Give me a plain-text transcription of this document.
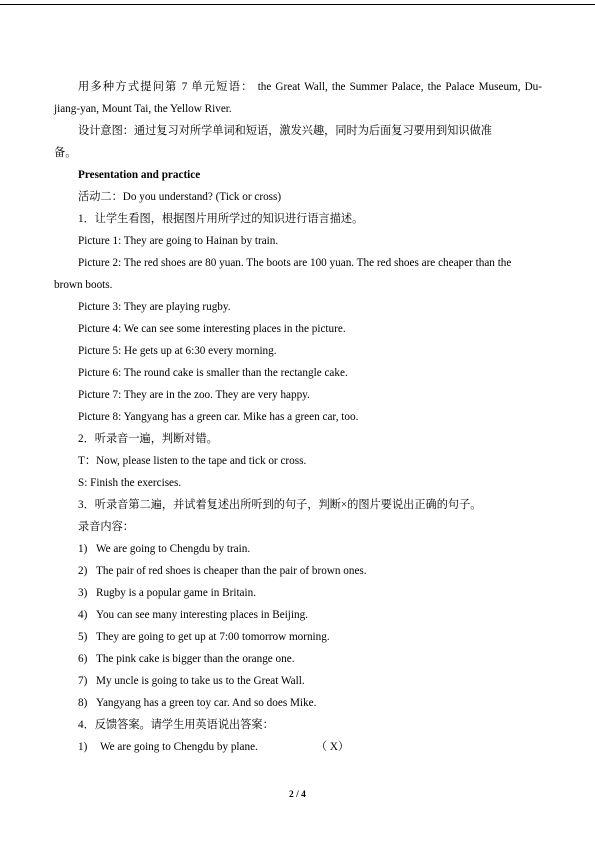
用多种方式提问第 7 单元短语： the Great Wall, the Summer Palace, the Palace Museum, Du-
jiang-yan, Mount Tai, the Yellow River.
设计意图：通过复习对所学单词和短语，激发兴趣，同时为后面复习要用到知识做准
备。
Presentation and practice
活动二：Do you understand? (Tick or cross)
1．让学生看图，根据图片用所学过的知识进行语言描述。
Picture 1: They are going to Hainan by train.
Picture 2: The red shoes are 80 yuan. The boots are 100 yuan. The red shoes are cheaper than the
brown boots.
Picture 3: They are playing rugby.
Picture 4: We can see some interesting places in the picture.
Picture 5: He gets up at 6:30 every morning.
Picture 6: The round cake is smaller than the rectangle cake.
Picture 7: They are in the zoo. They are very happy.
Picture 8: Yangyang has a green car. Mike has a green car, too.
2．听录音一遍，判断对错。
T：Now, please listen to the tape and tick or cross.
S: Finish the exercises.
3．听录音第二遍，并试着复述出所听到的句子，判断×的图片要说出正确的句子。
录音内容：
1) We are going to Chengdu by train.
2) The pair of red shoes is cheaper than the pair of brown ones.
3) Rugby is a popular game in Britain.
4) You can see many interesting places in Beijing.
5) They are going to get up at 7:00 tomorrow morning.
6) The pink cake is bigger than the orange one.
7) My uncle is going to take us to the Great Wall.
8) Yangyang has a green toy car. And so does Mike.
4．反馈答案。请学生用英语说出答案：
1) We are going to Chengdu by plane.	（ X）
2 / 4
